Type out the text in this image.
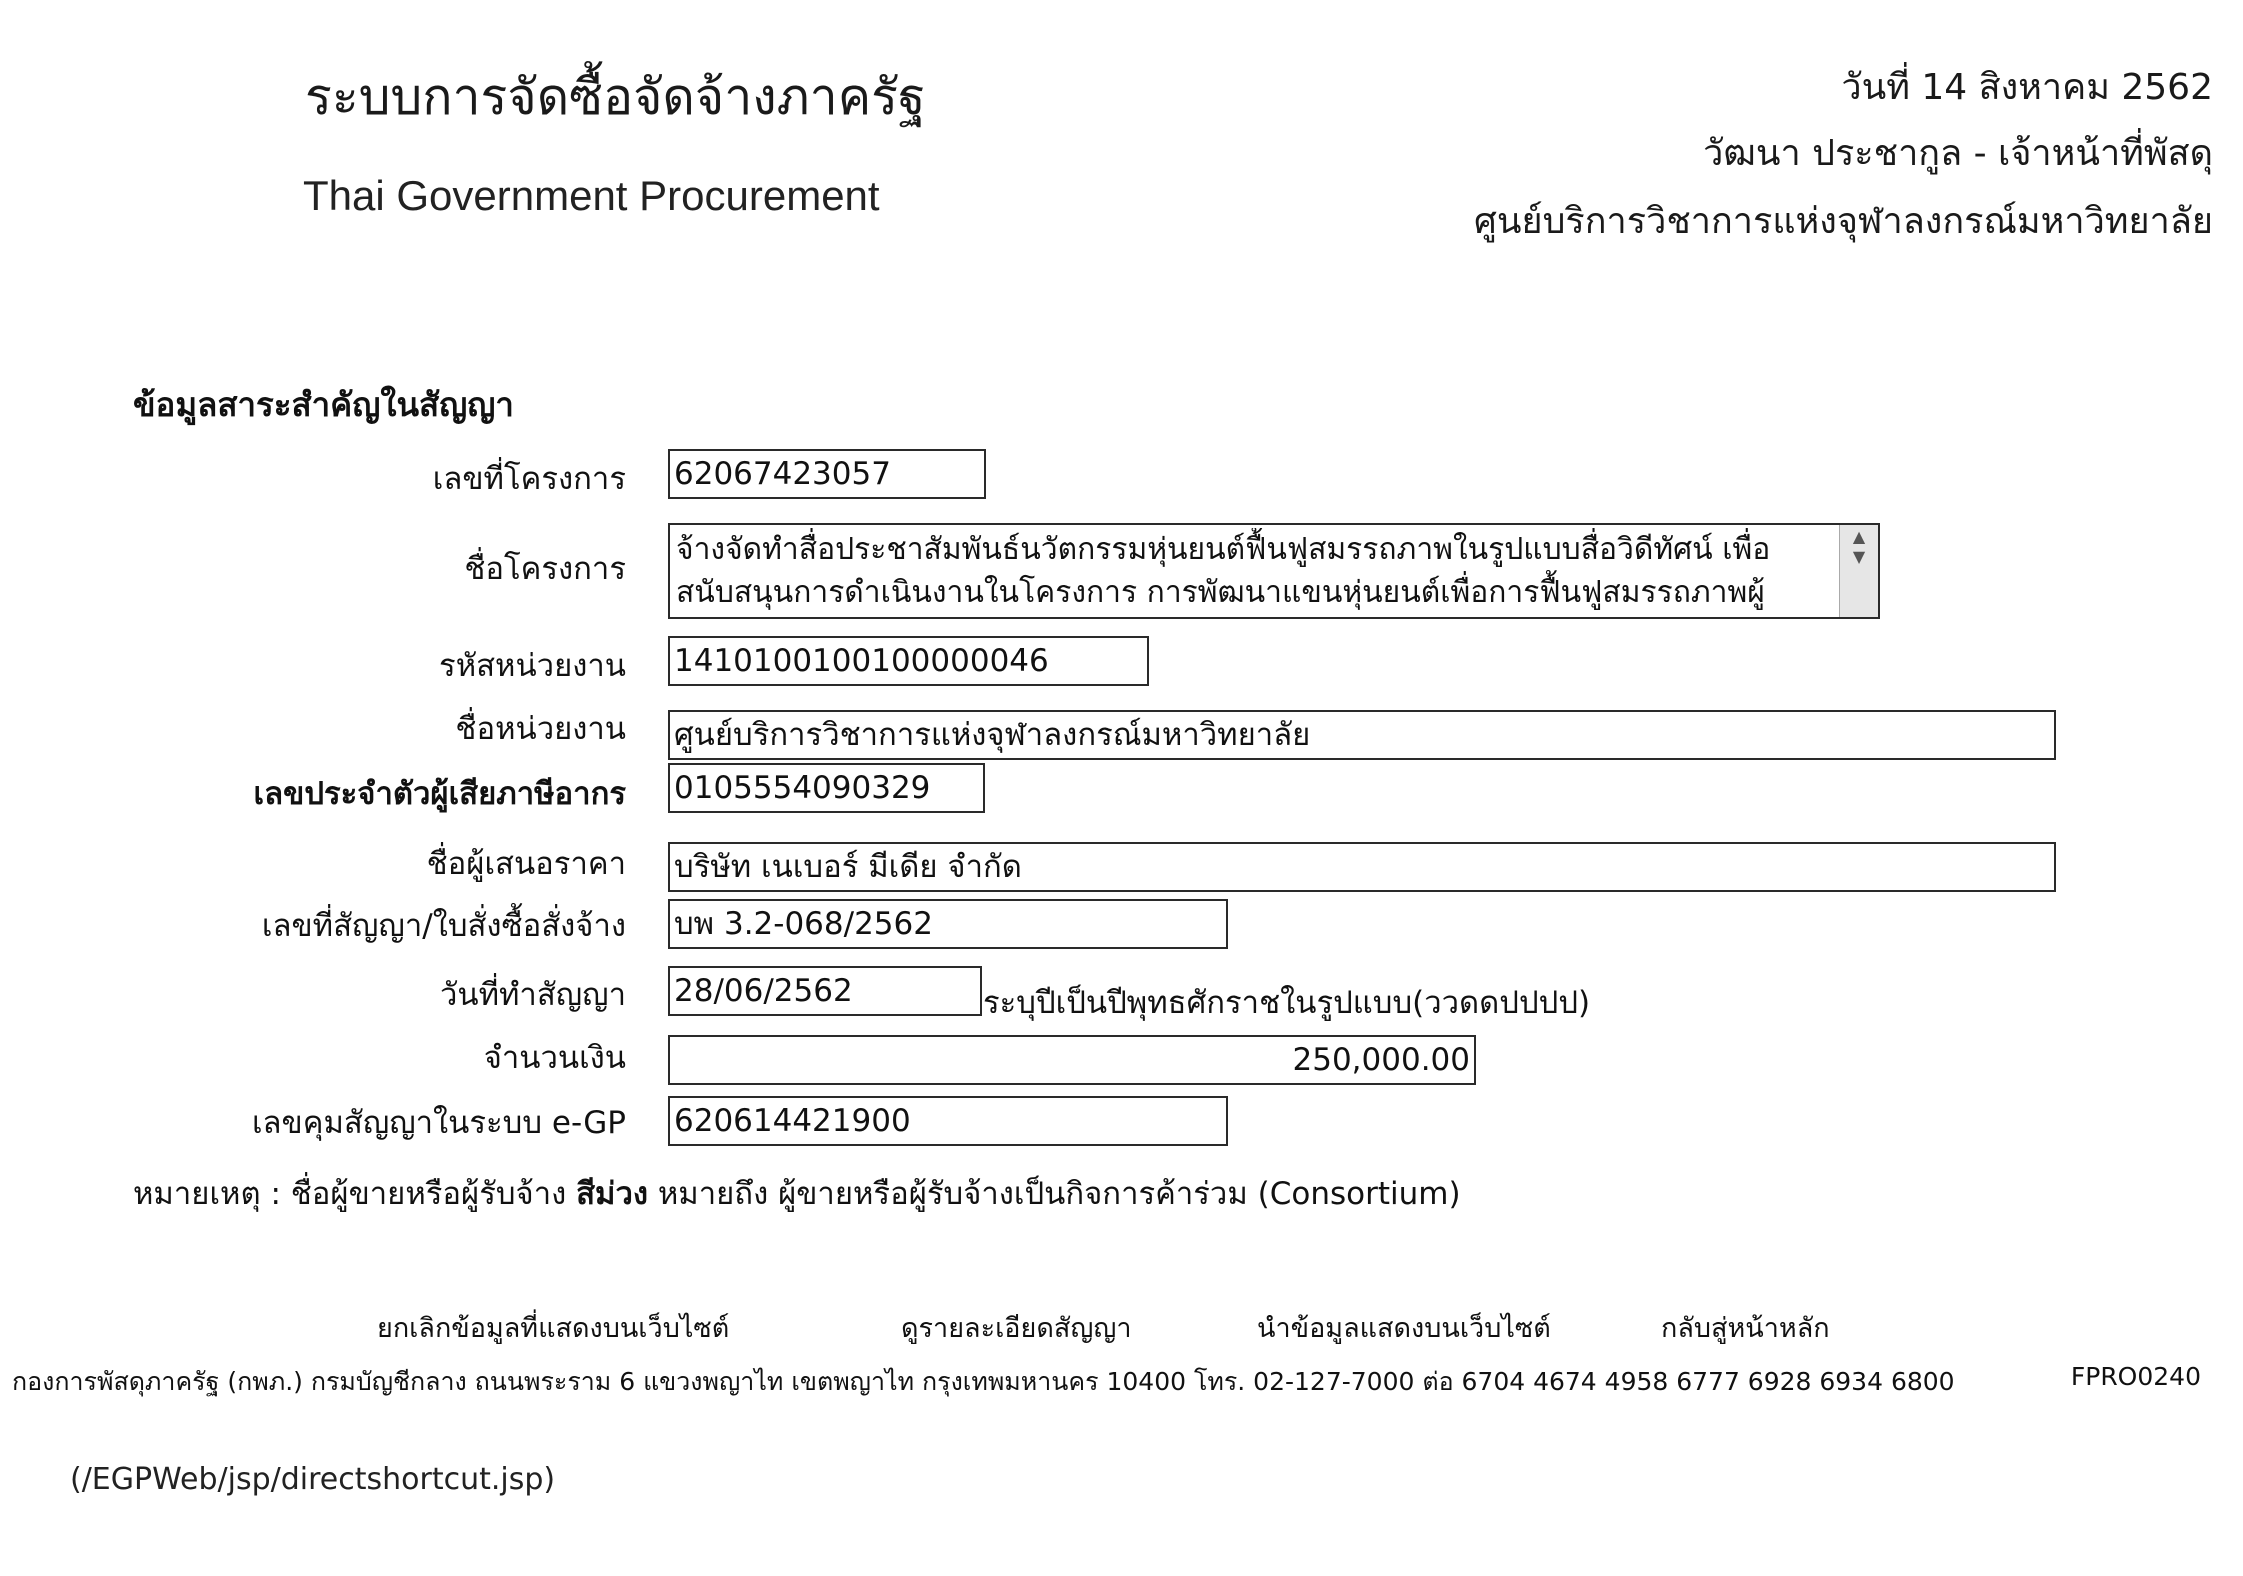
ระบบการจัดซื้อจัดจ้างภาครัฐ
Thai Government Procurement
วันที่ 14 สิงหาคม 2562
วัฒนา ประชากูล - เจ้าหน้าที่พัสดุ
ศูนย์บริการวิชาการแห่งจุฬาลงกรณ์มหาวิทยาลัย
ข้อมูลสาระสำคัญในสัญญา
เลขที่โครงการ 62067423057
ชื่อโครงการ
จ้างจัดทำสื่อประชาสัมพันธ์นวัตกรรมหุ่นยนต์ฟื้นฟูสมรรถภาพในรูปแบบสื่อวิดีทัศน์ เพื่อสนับสนุนการดำเนินงานในโครงการ การพัฒนาแขนหุ่นยนต์เพื่อการฟื้นฟูสมรรถภาพผู้
▲
▼
รหัสหน่วยงาน 1410100100100000046
ชื่อหน่วยงาน ศูนย์บริการวิชาการแห่งจุฬาลงกรณ์มหาวิทยาลัย
เลขประจำตัวผู้เสียภาษีอากร 0105554090329
ชื่อผู้เสนอราคา บริษัท เนเบอร์ มีเดีย จำกัด
เลขที่สัญญา/ใบสั่งซื้อสั่งจ้าง บพ 3.2-068/2562
วันที่ทำสัญญา 28/06/2562	ระบุปีเป็นปีพุทธศักราชในรูปแบบ(ววดดปปปป)
จำนวนเงิน	250,000.00
เลขคุมสัญญาในระบบ e-GP 620614421900
หมายเหตุ : ชื่อผู้ขายหรือผู้รับจ้าง สีม่วง หมายถึง ผู้ขายหรือผู้รับจ้างเป็นกิจการค้าร่วม (Consortium)
ยกเลิกข้อมูลที่แสดงบนเว็บไซต์	ดูรายละเอียดสัญญา	นำข้อมูลแสดงบนเว็บไซต์	กลับสู่หน้าหลัก
กองการพัสดุภาครัฐ (กพภ.) กรมบัญชีกลาง ถนนพระราม 6 แขวงพญาไท เขตพญาไท กรุงเทพมหานคร 10400 โทร. 02-127-7000 ต่อ 6704 4674 4958 6777 6928 6934 6800	FPRO0240
(/EGPWeb/jsp/directshortcut.jsp)
